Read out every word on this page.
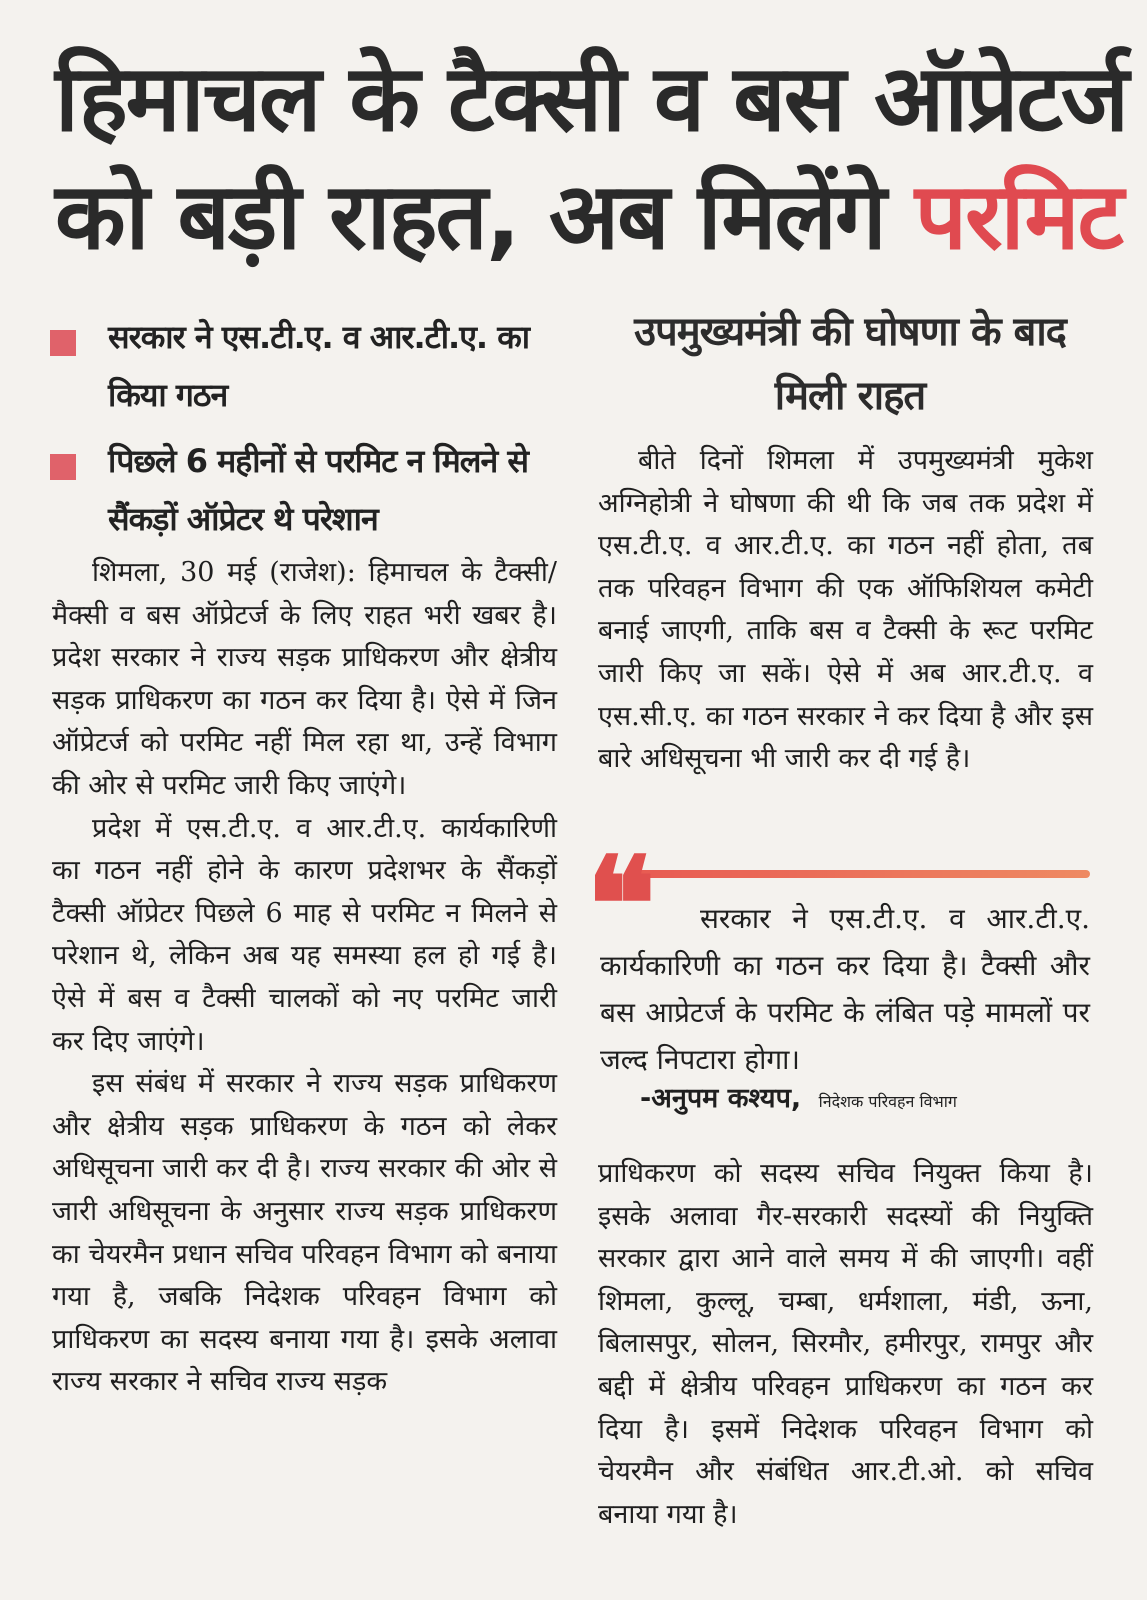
हिमाचल के टैक्सी व बस ऑप्रेटर्ज
को बड़ी राहत, अब मिलेंगे परमिट
सरकार ने एस.टी.ए. व आर.टी.ए. का किया गठन
पिछले 6 महीनों से परमिट न मिलने से सैंकड़ों ऑप्रेटर थे परेशान
उपमुख्यमंत्री की घोषणा के बाद मिली राहत

शिमला, 30 मई (राजेश): हिमाचल के टैक्सी/मैक्सी व बस ऑप्रेटर्ज के लिए राहत भरी खबर है। प्रदेश सरकार ने राज्य सड़क प्राधिकरण और क्षेत्रीय सड़क प्राधिकरण का गठन कर दिया है। ऐसे में जिन ऑप्रेटर्ज को परमिट नहीं मिल रहा था, उन्हें विभाग की ओर से परमिट जारी किए जाएंगे।

प्रदेश में एस.टी.ए. व आर.टी.ए. कार्यकारिणी का गठन नहीं होने के कारण प्रदेशभर के सैंकड़ों टैक्सी ऑप्रेटर पिछले 6 माह से परमिट न मिलने से परेशान थे, लेकिन अब यह समस्या हल हो गई है। ऐसे में बस व टैक्सी चालकों को नए परमिट जारी कर दिए जाएंगे।

इस संबंध में सरकार ने राज्य सड़क प्राधिकरण और क्षेत्रीय सड़क प्राधिकरण के गठन को लेकर अधिसूचना जारी कर दी है। राज्य सरकार की ओर से जारी अधिसूचना के अनुसार राज्य सड़क प्राधिकरण का चेयरमैन प्रधान सचिव परिवहन विभाग को बनाया गया है, जबकि निदेशक परिवहन विभाग को प्राधिकरण का सदस्य बनाया गया है। इसके अलावा राज्य सरकार ने सचिव राज्य सड़क

बीते दिनों शिमला में उपमुख्यमंत्री मुकेश अग्निहोत्री ने घोषणा की थी कि जब तक प्रदेश में एस.टी.ए. व आर.टी.ए. का गठन नहीं होता, तब तक परिवहन विभाग की एक ऑफिशियल कमेटी बनाई जाएगी, ताकि बस व टैक्सी के रूट परमिट जारी किए जा सकें। ऐसे में अब आर.टी.ए. व एस.सी.ए. का गठन सरकार ने कर दिया है और इस बारे अधिसूचना भी जारी कर दी गई है।

❝	सरकार ने एस.टी.ए. व आर.टी.ए. कार्यकारिणी का गठन कर दिया है। टैक्सी और बस आप्रेटर्ज के परमिट के लंबित पड़े मामलों पर जल्द निपटारा होगा।
-अनुपम कश्यप, निदेशक परिवहन विभाग

प्राधिकरण को सदस्य सचिव नियुक्त किया है। इसके अलावा गैर-सरकारी सदस्यों की नियुक्ति सरकार द्वारा आने वाले समय में की जाएगी। वहीं शिमला, कुल्लू, चम्बा, धर्मशाला, मंडी, ऊना, बिलासपुर, सोलन, सिरमौर, हमीरपुर, रामपुर और बद्दी में क्षेत्रीय परिवहन प्राधिकरण का गठन कर दिया है। इसमें निदेशक परिवहन विभाग को चेयरमैन और संबंधित आर.टी.ओ. को सचिव बनाया गया है।
